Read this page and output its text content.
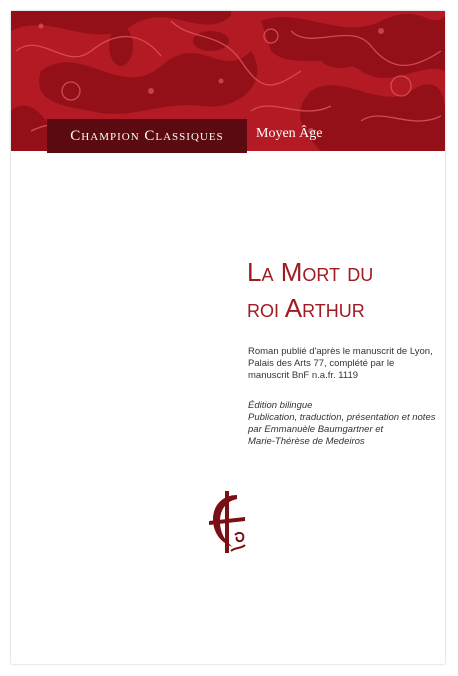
Champion Classiques Moyen Âge
La Mort du
roi Arthur
Roman publié d'après le manuscrit de Lyon,
Palais des Arts 77, complété par le
manuscrit BnF n.a.fr. 1119
Édition bilingue
Publication, traduction, présentation et notes
par Emmanuèle Baumgartner et
Marie-Thérèse de Medeiros
